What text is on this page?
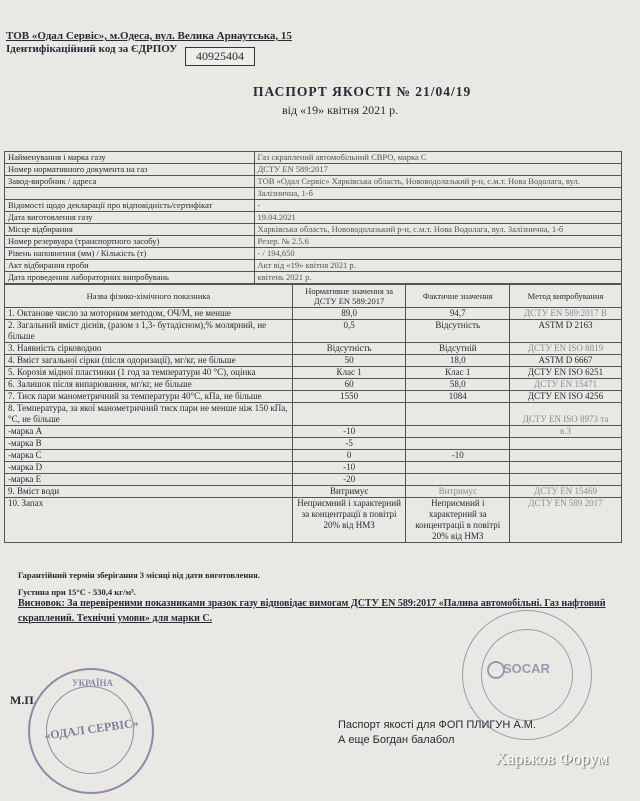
ТОВ «Одал Сервіс», м.Одеса, вул. Велика Арнаутська, 15
Ідентифікаційний код за ЄДРПОУ	40925404
ПАСПОРТ ЯКОСТІ № 21/04/19
від «19» квітня 2021 р.
Найменування і марка газу	Газ скраплений автомобільний СВРО, марка С
Номер нормативного документа на газ	ДСТУ EN 589:2017
Завод-виробник / адреса	ТОВ «Одал Сервіс» Харківська область, Нововодолазький р-н, с.м.т. Нова Водолага, вул.
	Залізнична, 1-б
Відомості щодо декларації про відповідність/сертифікат	-
Дата виготовлення газу	19.04.2021
Місце відбирання	Харківська область, Нововодолазький р-н, с.м.т. Нова Водолага, вул. Залізнична, 1-б
Номер резервуара (транспортного засобу)	Резер. № 2.5.6
Рівень наповнення (мм) / Кількість (т)	- / 194,650
Акт відбирання проби	Акт від «19» квітня 2021 р.
Дата проведення лабораторних випробувань	квітень 2021 р.
Назва фізико-хімічного показника	Нормативне значення за ДСТУ EN 589:2017	Фактичне значення	Метод випробування
1. Октанове число за моторним методом, ОЧ/М, не менше	89,0	94,7	ДСТУ EN 589:2017 В
2. Загальний вміст дієнів, (разом з 1,3- бутадієном),% молярний, не більше	0,5	Відсутність	ASTM D 2163
3. Наявність сірководню	Відсутність	Відсутній	ДСТУ EN ISO 8819
4. Вміст загальної сірки (після одоризації), мг/кг, не більше	50	18,0	ASTM D 6667
5. Корозія мідної пластинки (1 год за температури 40 °С), оцінка	Клас 1	Клас 1	ДСТУ EN ISO 6251
6. Залишок після випарювання, мг/кг, не більше	60	58,0	ДСТУ EN 15471
7. Тиск пари манометричний за температури 40°С, кПа, не більше	1550	1084	ДСТУ EN ISO 4256
8. Температура, за якої манометричний тиск пари не менше ніж 150 кПа, °С, не більше			ДСТУ EN ISO 8973 та
-марка А	-10		в.3
-марка В	-5		
-марка С	0	-10	
-марка D	-10		
-марка Е	-20		
9. Вміст води	Витримує	Витримує	ДСТУ EN 15469
10. Запах	Неприємний і характерний за концентрації в повітрі 20% від НМЗ	Неприємний і характерний за концентрації в повітрі 20% від НМЗ	ДСТУ EN 589 2017
Гарантійний термін зберігання 3 місяці від дати виготовлення.
Густина при 15°С - 530,4 кг/м³.
Висновок: За перевіреними показниками зразок газу відповідає вимогам ДСТУ EN 589:2017 «Палива автомобільні. Газ нафтовий скраплений. Технічні умови» для марки С.
SOCAR
М.П.
УКРАЇНА
«ОДАЛ СЕРВІС»	Паспорт якості для ФОП ПЛИГУН А.М.
А еще Богдан балабол
Харьков Форум
